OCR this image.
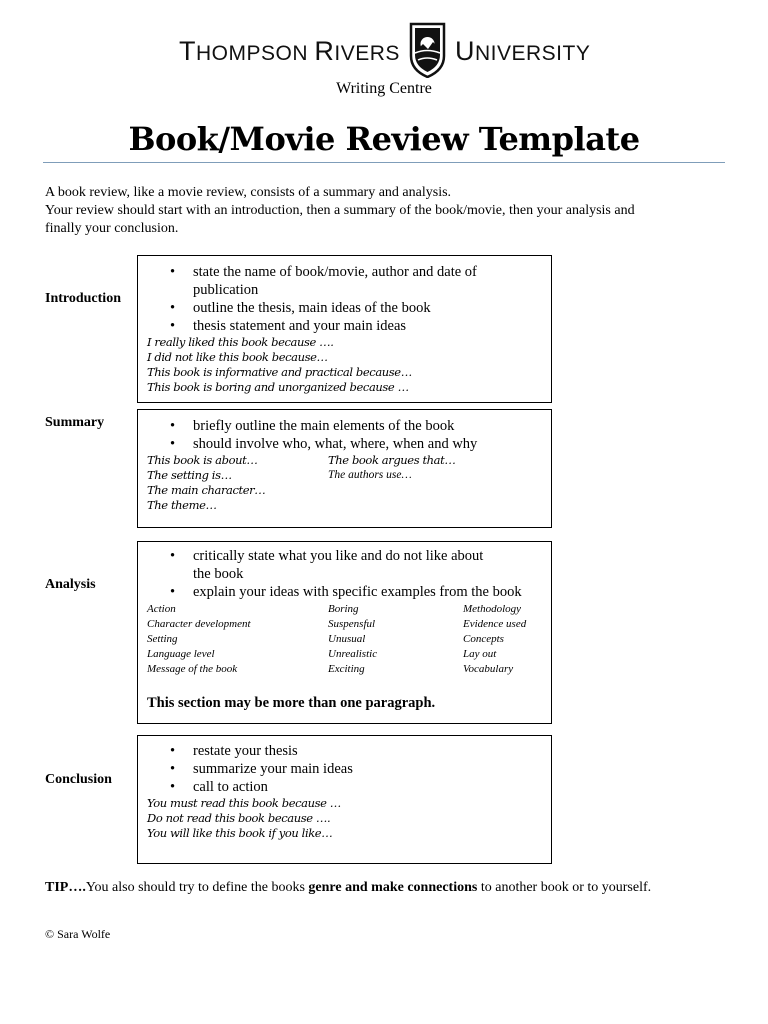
THOMPSON RIVERS UNIVERSITY
Writing Centre
Book/Movie Review Template
A book review, like a movie review, consists of a summary and analysis.
Your review should start with an introduction, then a summary of the book/movie, then your analysis and
finally your conclusion.
Introduction
• state the name of book/movie, author and date of publication
• outline the thesis, main ideas of the book
• thesis statement and your main ideas
I really liked this book because ….
I did not like this book because…
This book is informative and practical because…
This book is boring and unorganized because …
Summary
•	briefly outline the main elements of the book
• should involve who, what, where, when and why
This book is about…
The setting is…
The main character…
The theme…
The book argues that…
The authors use…
Analysis
• critically state what you like and do not like about the book
• explain your ideas with specific examples from the book
Action
Character development
Setting
Language level
Message of the book
Boring
Suspensful
Unusual
Unrealistic
Exciting
Methodology
Evidence used
Concepts
Lay out
Vocabulary
This section may be more than one paragraph.
Conclusion
• restate your thesis
• summarize your main ideas
• call to action
You must read this book because …
Do not read this book because ….
You will like this book if you like…
TIP….You also should try to define the books genre and make connections to another book or to yourself.
© Sara Wolfe
